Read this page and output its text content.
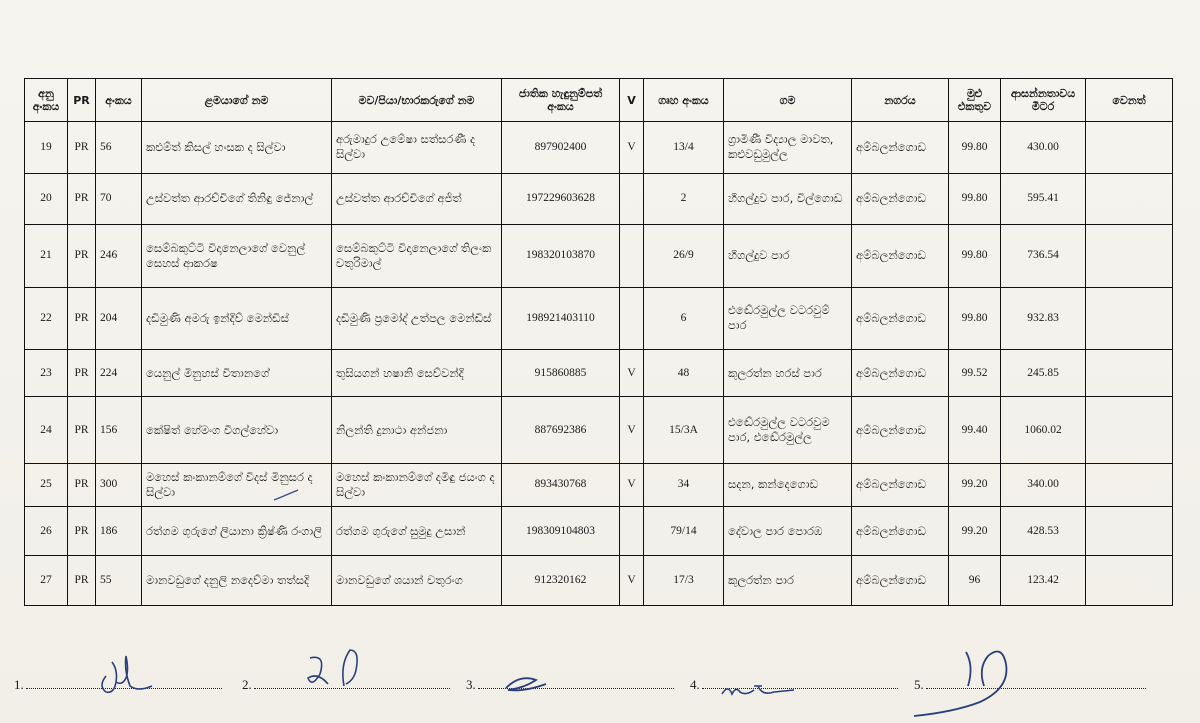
අනු අංකය	PR	අංකය	ළමයාගේ නම	මව/පියා/භාරකරුගේ නම	ජාතික හැඳුනුම්පත් අංකය	V	ගෘහ අංකය	ගම	නගරය	මුළු එකතුව	ආසන්නතාවය මීටර	වෙනත්
19	PR	56	කළුම්ත් කිසල් හංසක ද සිල්වා	අරුමාදුර උමේෂා සත්සරණී ද සිල්වා	897902400	V	13/4	ග්‍රාමිණී විද්‍යාල මාවත, කළුවඩුමුල්ල	අම්බලන්ගොඩ	99.80	430.00	
20	PR	70	උස්වත්ත ආරච්චිගේ තිනිඳු ජේනාල්	උස්වත්ත ආරච්චිගේ අජිත්	197229603628		2	හීගල්දුව පාර, විල්ගොඩ	අම්බලන්ගොඩ	99.80	595.41	
21	PR	246	සෙම්බකුට්ටි විදානෙලාගේ වෙනුල් සෙහස් ආකරෂ	සෙම්බකුට්ටි විදානෙලාගේ තිලංක චතුරිමාල්	198320103870		26/9	හීගල්දුව පාර	අම්බලන්ගොඩ	99.80	736.54	
22	PR	204	දඩිමුණි අමරු ඉන්දිව් මෙන්ඩිස්	දඩිමුණි ප්‍රමෝද් උත්පල මෙන්ඩිස්	198921403110		6	එඬේරමුල්ල වටරවුම් පාර	අම්බලන්ගොඩ	99.80	932.83	
23	PR	224	යෙනුල් මිනුහස් විතානගේ	තුසියගන් හෂානි සෙව්වන්දි	915860885	V	48	කුලරත්න හරස් පාර	අම්බලන්ගොඩ	99.52	245.85	
24	PR	156	කේෂිත් හේමංග වීගල්හේවා	නිලන්ති දුනාථා අන්ජනා	887692386	V	15/3A	එඬේරමුල්ල වටරවුම පාර, එඬේරමුල්ල	අම්බලන්ගොඩ	99.40	1060.02	
25	PR	300	මහෙස් කංකානම්ගේ විදස් මිනුසර ද සිල්වා	මහෙස් කංකානම්ගේ දමිඳු ජයංග ද සිල්වා	893430768	V	34	සදන, කන්දෙගොඩ	අම්බලන්ගොඩ	99.20	340.00	
26	PR	186	රත්ගම ගුරුගේ ලියානා ක්‍රිෂ්ණි රංගාලි	රත්ගම ගුරුගේ සුමුදු උසාන්	198309104803		79/14	දේවාල පාර පොරඹ	අම්බලන්ගොඩ	99.20	428.53	
27	PR	55	මානවඩුගේ දනුලි නදෙව්මා තත්සදි	මානවඩුගේ ශයාන් චතුරංග	912320162	V	17/3	කුලරත්න පාර	අම්බලන්ගොඩ	96	123.42	
1.	2.	3.	4.	5.
